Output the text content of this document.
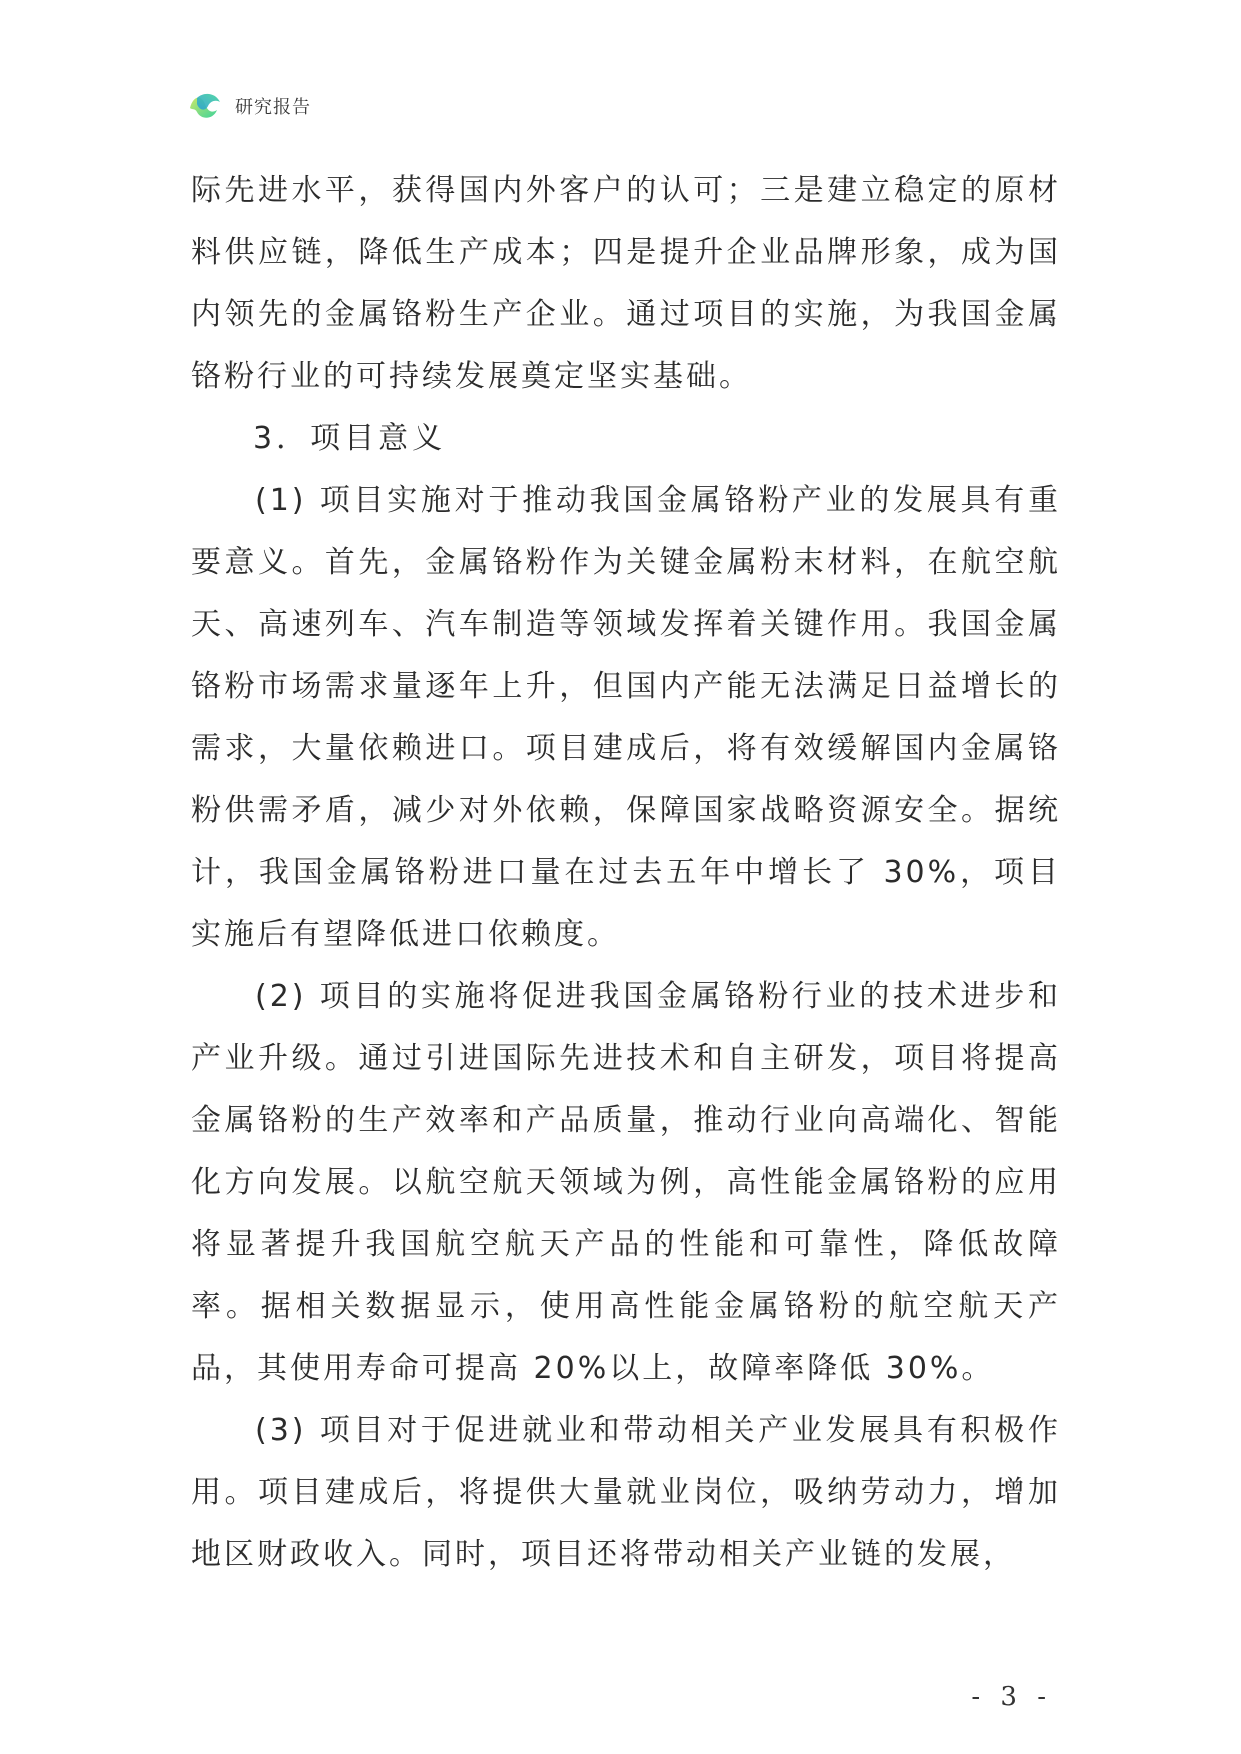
研究报告

际先进水平，获得国内外客户的认可；三是建立稳定的原材料供应链，降低生产成本；四是提升企业品牌形象，成为国内领先的金属铬粉生产企业。通过项目的实施，为我国金属铬粉行业的可持续发展奠定坚实基础。

3．项目意义

(1) 项目实施对于推动我国金属铬粉产业的发展具有重要意义。首先，金属铬粉作为关键金属粉末材料，在航空航天、高速列车、汽车制造等领域发挥着关键作用。我国金属铬粉市场需求量逐年上升，但国内产能无法满足日益增长的需求，大量依赖进口。项目建成后，将有效缓解国内金属铬粉供需矛盾，减少对外依赖，保障国家战略资源安全。据统计，我国金属铬粉进口量在过去五年中增长了 30%，项目实施后有望降低进口依赖度。

(2) 项目的实施将促进我国金属铬粉行业的技术进步和产业升级。通过引进国际先进技术和自主研发，项目将提高金属铬粉的生产效率和产品质量，推动行业向高端化、智能化方向发展。以航空航天领域为例，高性能金属铬粉的应用将显著提升我国航空航天产品的性能和可靠性，降低故障率。据相关数据显示，使用高性能金属铬粉的航空航天产品，其使用寿命可提高 20%以上，故障率降低 30%。

(3) 项目对于促进就业和带动相关产业发展具有积极作用。项目建成后，将提供大量就业岗位，吸纳劳动力，增加地区财政收入。同时，项目还将带动相关产业链的发展，

- 3 -
